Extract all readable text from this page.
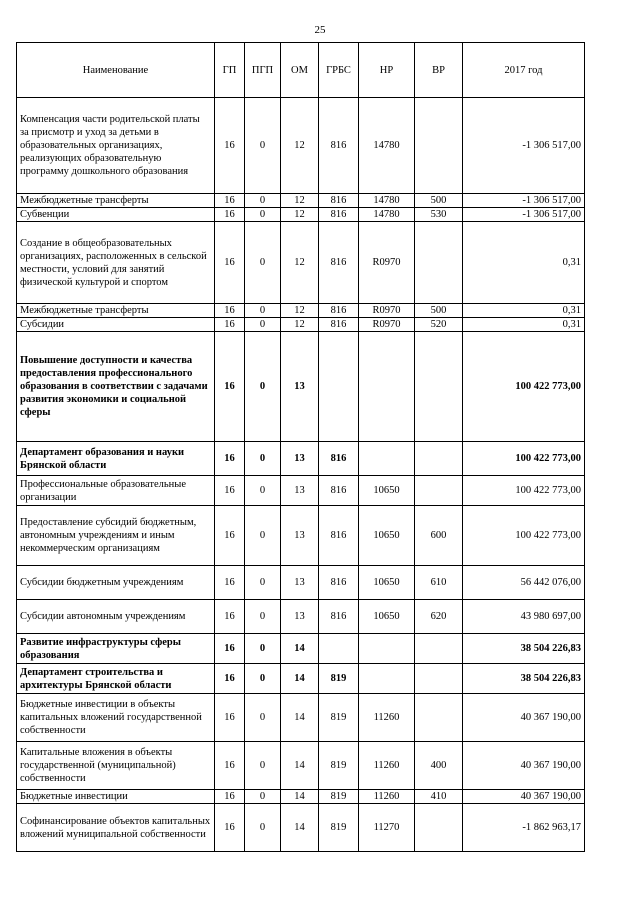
25
Наименование	ГП	ПГП	ОМ	ГРБС	НР	ВР	2017 год
Компенсация части родительской платы за присмотр и уход за детьми в образовательных организациях, реализующих образовательную программу дошкольного образования	16	0	12	816	14780		-1 306 517,00
Межбюджетные трансферты	16	0	12	816	14780	500	-1 306 517,00
Субвенции	16	0	12	816	14780	530	-1 306 517,00
Создание в общеобразовательных организациях, расположенных в сельской местности, условий для занятий физической культурой и спортом	16	0	12	816	R0970		0,31
Межбюджетные трансферты	16	0	12	816	R0970	500	0,31
Субсидии	16	0	12	816	R0970	520	0,31
Повышение доступности и качества предоставления профессионального образования в соответствии с задачами развития экономики и социальной сферы	16	0	13				100 422 773,00
Департамент образования и науки Брянской области	16	0	13	816			100 422 773,00
Профессиональные образовательные организации	16	0	13	816	10650		100 422 773,00
Предоставление субсидий бюджетным, автономным учреждениям и иным некоммерческим организациям	16	0	13	816	10650	600	100 422 773,00
Субсидии бюджетным учреждениям	16	0	13	816	10650	610	56 442 076,00
Субсидии автономным учреждениям	16	0	13	816	10650	620	43 980 697,00
Развитие инфраструктуры сферы образования	16	0	14				38 504 226,83
Департамент строительства и архитектуры Брянской области	16	0	14	819			38 504 226,83
Бюджетные инвестиции в объекты капитальных вложений государственной собственности	16	0	14	819	11260		40 367 190,00
Капитальные вложения в объекты государственной (муниципальной) собственности	16	0	14	819	11260	400	40 367 190,00
Бюджетные инвестиции	16	0	14	819	11260	410	40 367 190,00
Софинансирование объектов капитальных вложений муниципальной собственности	16	0	14	819	11270		-1 862 963,17
